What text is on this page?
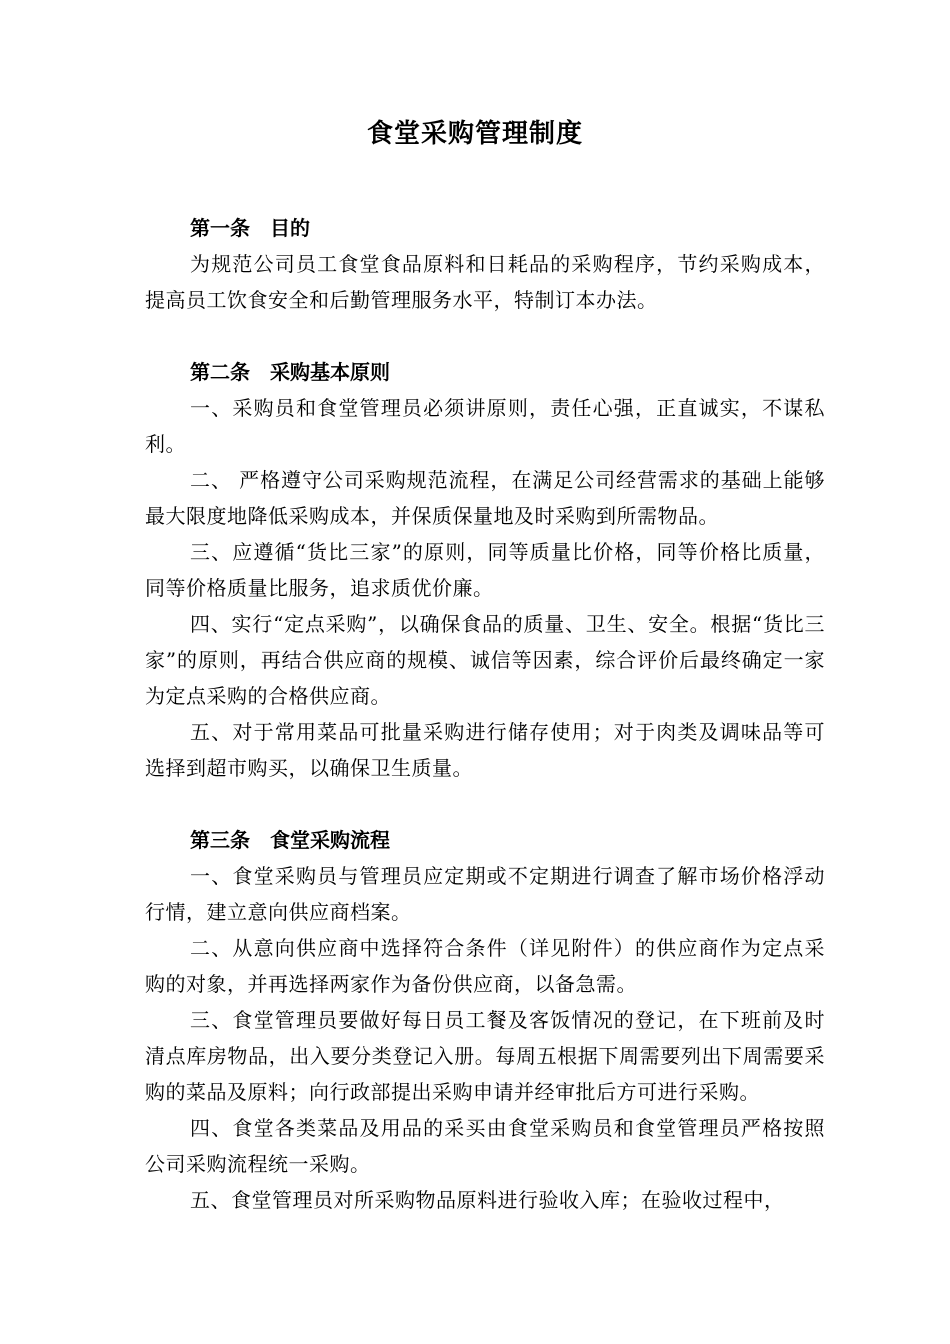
食堂采购管理制度

第一条 目的

为规范公司员工食堂食品原料和日耗品的采购程序，节约采购成本，提高员工饮食安全和后勤管理服务水平，特制订本办法。

第二条 采购基本原则

一、采购员和食堂管理员必须讲原则，责任心强，正直诚实，不谋私利。

二、 严格遵守公司采购规范流程，在满足公司经营需求的基础上能够最大限度地降低采购成本，并保质保量地及时采购到所需物品。

三、应遵循“货比三家”的原则，同等质量比价格，同等价格比质量，同等价格质量比服务，追求质优价廉。

四、实行“定点采购”，以确保食品的质量、卫生、安全。根据“货比三家”的原则，再结合供应商的规模、诚信等因素，综合评价后最终确定一家为定点采购的合格供应商。

五、对于常用菜品可批量采购进行储存使用；对于肉类及调味品等可选择到超市购买，以确保卫生质量。

第三条 食堂采购流程

一、食堂采购员与管理员应定期或不定期进行调查了解市场价格浮动行情，建立意向供应商档案。

二、从意向供应商中选择符合条件（详见附件）的供应商作为定点采购的对象，并再选择两家作为备份供应商，以备急需。

三、食堂管理员要做好每日员工餐及客饭情况的登记，在下班前及时清点库房物品，出入要分类登记入册。每周五根据下周需要列出下周需要采购的菜品及原料；向行政部提出采购申请并经审批后方可进行采购。

四、食堂各类菜品及用品的采买由食堂采购员和食堂管理员严格按照公司采购流程统一采购。

五、食堂管理员对所采购物品原料进行验收入库；在验收过程中，
